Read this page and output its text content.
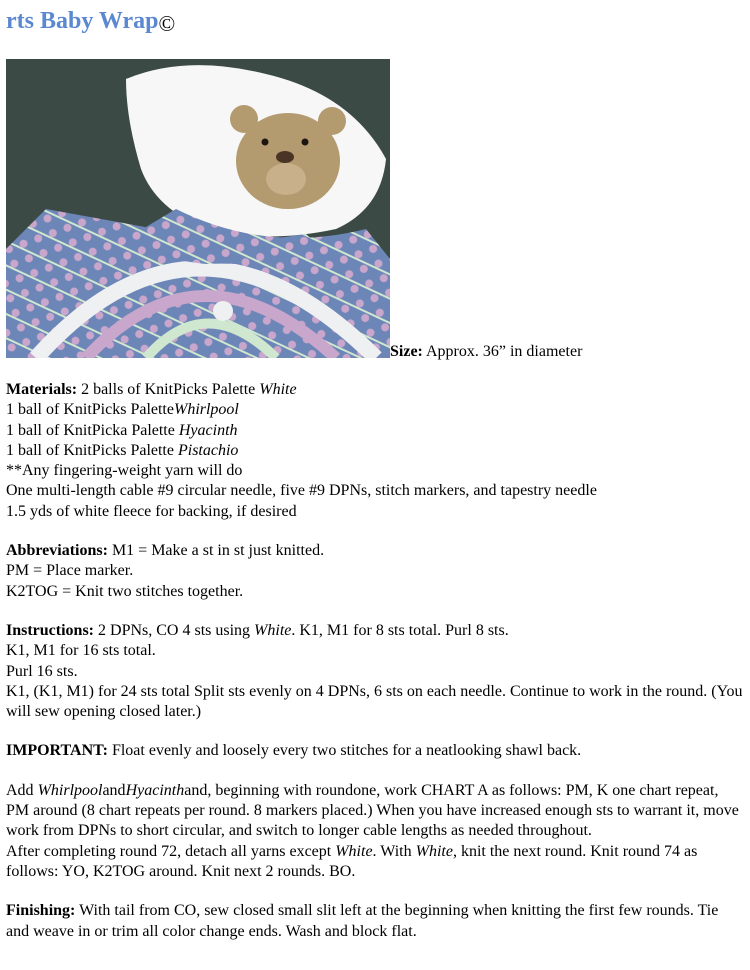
rts Baby Wrap©
Size: Approx. 36” in diameter

Materials: 2 balls of KnitPicks Palette White

1 ball of KnitPicks PaletteWhirlpool

1 ball of KnitPicka Palette Hyacinth

1 ball of KnitPicks Palette Pistachio

**Any fingering-weight yarn will do

One multi-length cable #9 circular needle, five #9 DPNs, stitch markers, and tapestry needle

1.5 yds of white fleece for backing, if desired

Abbreviations: M1 = Make a st in st just knitted.

PM = Place marker.

K2TOG = Knit two stitches together.

Instructions: 2 DPNs, CO 4 sts using White. K1, M1 for 8 sts total. Purl 8 sts.

K1, M1 for 16 sts total.

Purl 16 sts.

K1, (K1, M1) for 24 sts total Split sts evenly on 4 DPNs, 6 sts on each needle. Continue to work in the round. (You will sew opening closed later.)

IMPORTANT: Float evenly and loosely every two stitches for a neatlooking shawl back.

Add WhirlpoolandHyacinthand, beginning with roundone, work CHART A as follows: PM, K one chart repeat, PM around (8 chart repeats per round. 8 markers placed.) When you have increased enough sts to warrant it, move work from DPNs to short circular, and switch to longer cable lengths as needed throughout.

After completing round 72, detach all yarns except White. With White, knit the next round. Knit round 74 as follows: YO, K2TOG around. Knit next 2 rounds. BO.

Finishing: With tail from CO, sew closed small slit left at the beginning when knitting the first few rounds. Tie and weave in or trim all color change ends. Wash and block flat.
